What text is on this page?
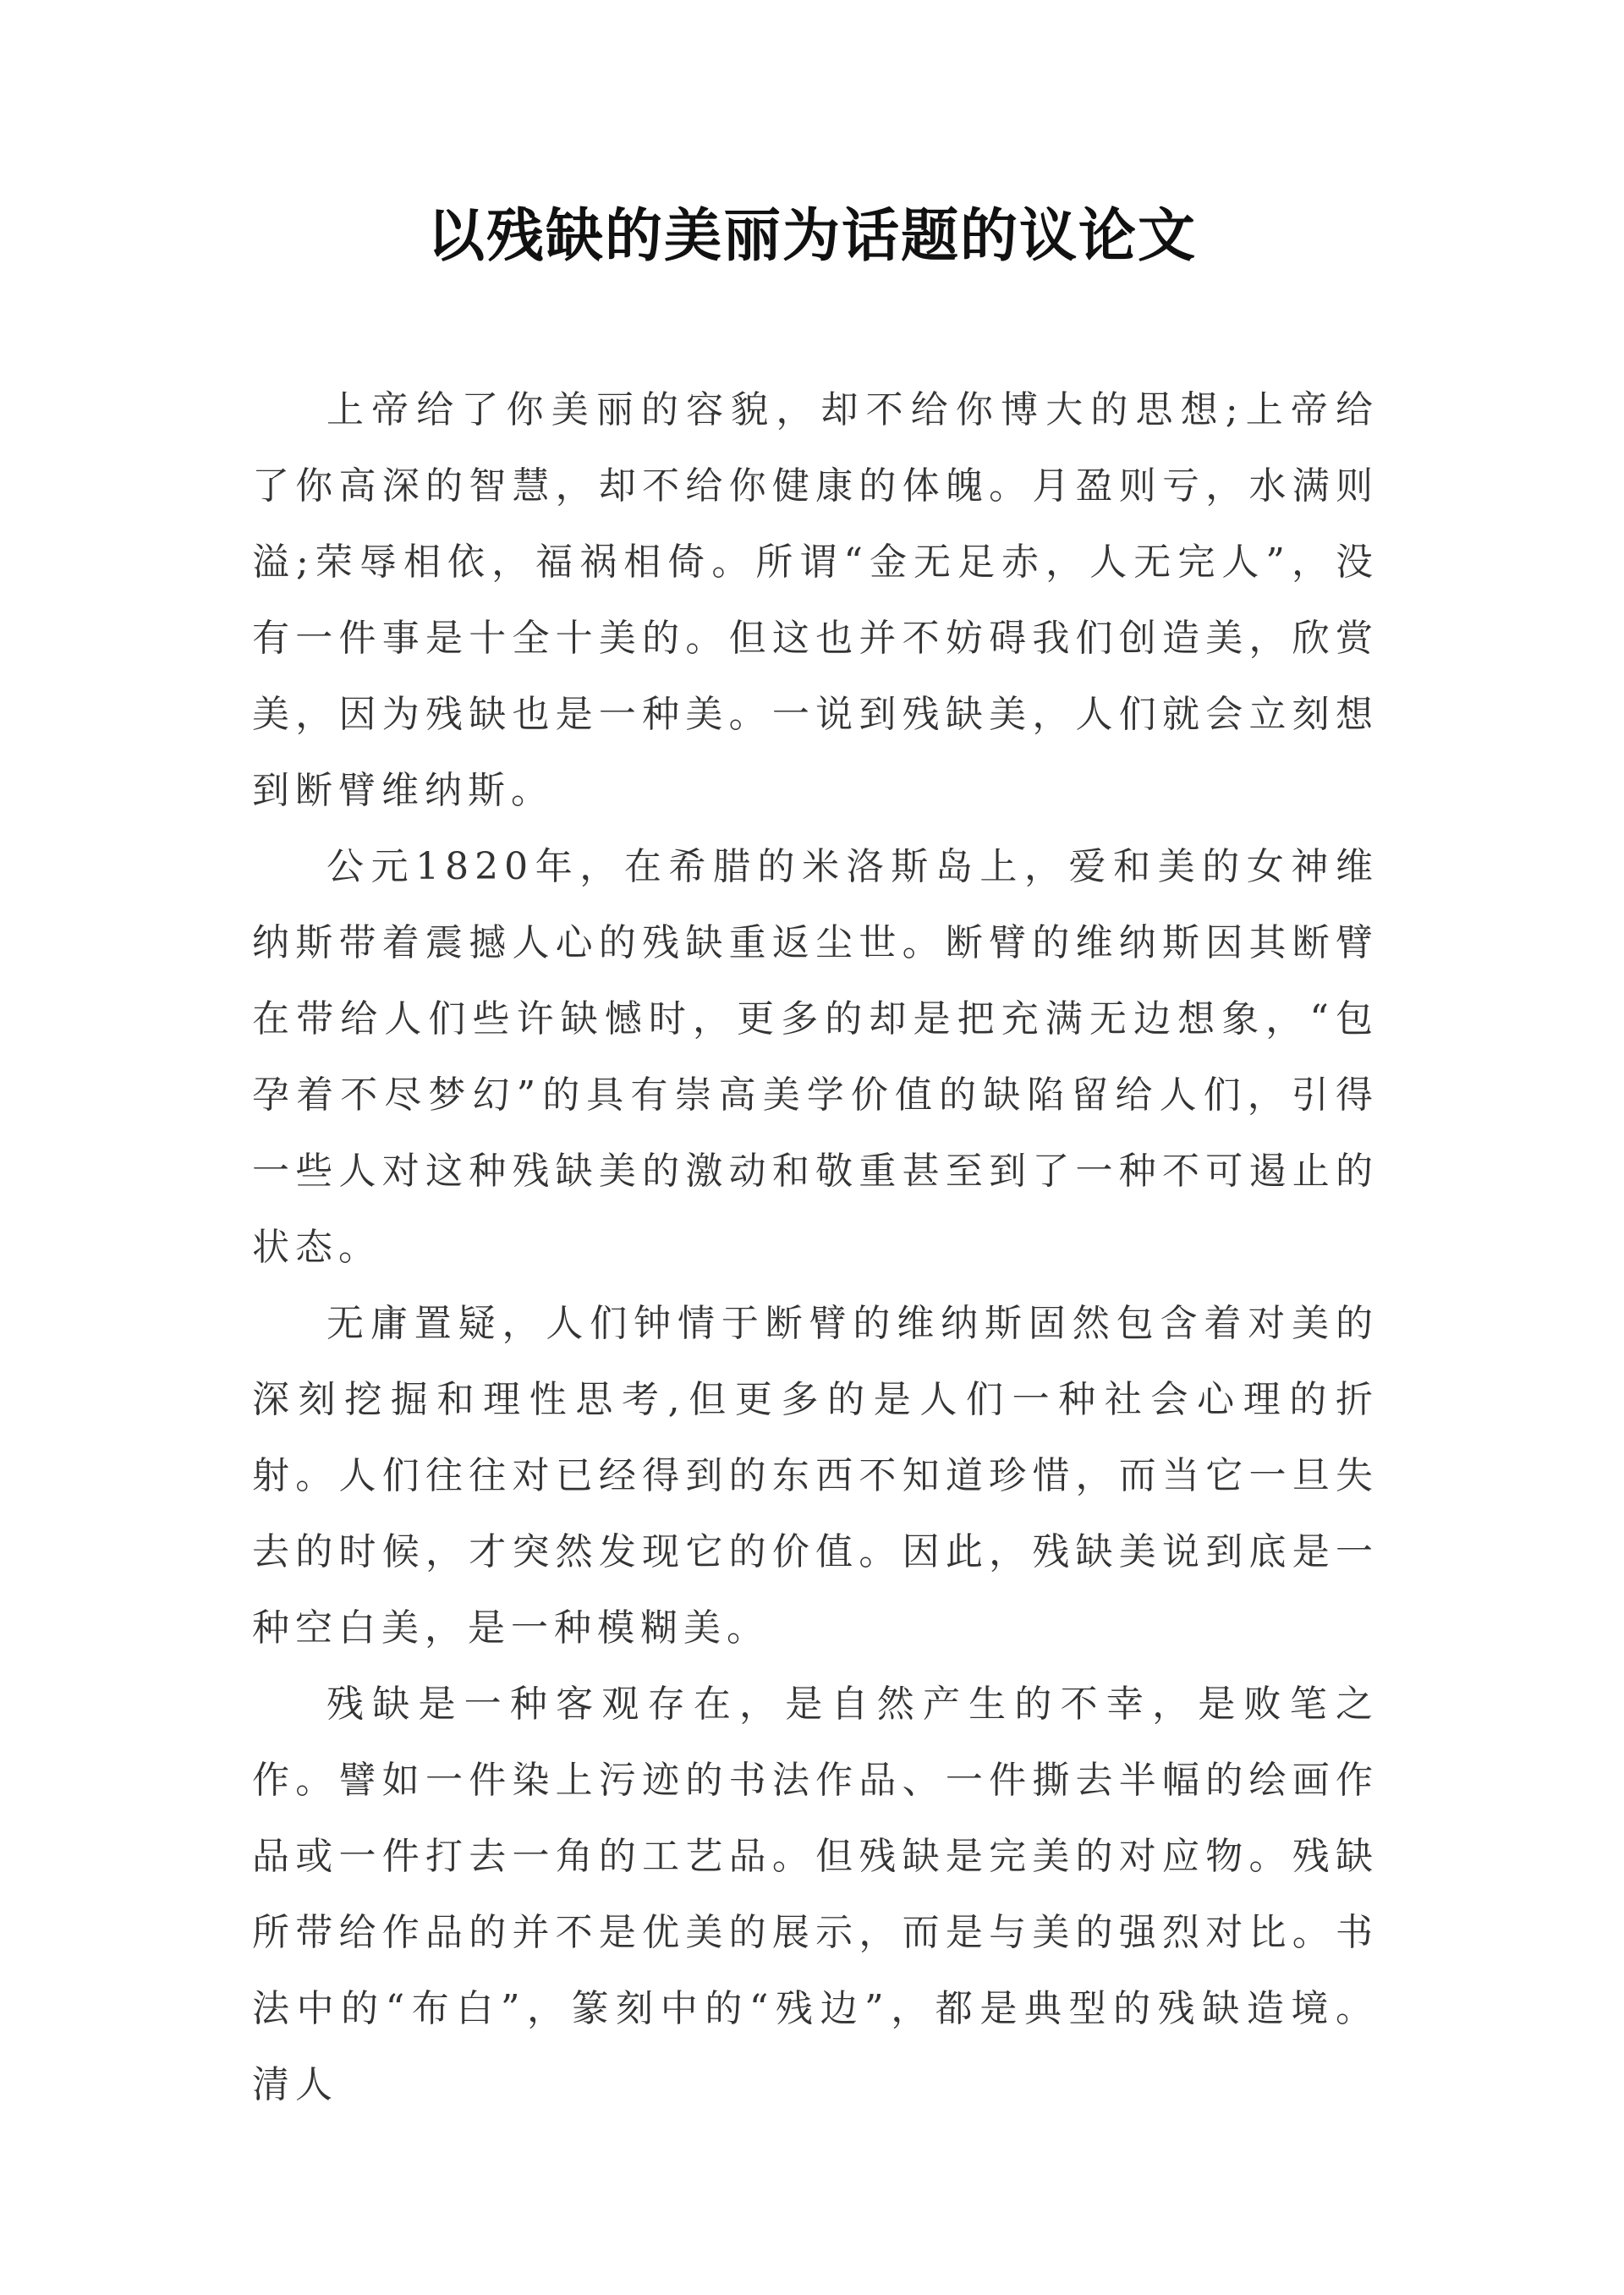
以残缺的美丽为话题的议论文

上帝给了你美丽的容貌，却不给你博大的思想;上帝给了你高深的智慧，却不给你健康的体魄。月盈则亏，水满则溢;荣辱相依，福祸相倚。所谓“金无足赤，人无完人”，没有一件事是十全十美的。但这也并不妨碍我们创造美，欣赏美，因为残缺也是一种美。一说到残缺美，人们就会立刻想到断臂维纳斯。

公元1820年，在希腊的米洛斯岛上，爱和美的女神维纳斯带着震撼人心的残缺重返尘世。断臂的维纳斯因其断臂在带给人们些许缺憾时，更多的却是把充满无边想象，“包孕着不尽梦幻”的具有崇高美学价值的缺陷留给人们，引得一些人对这种残缺美的激动和敬重甚至到了一种不可遏止的状态。

无庸置疑，人们钟情于断臂的维纳斯固然包含着对美的深刻挖掘和理性思考,但更多的是人们一种社会心理的折射。人们往往对已经得到的东西不知道珍惜，而当它一旦失去的时候，才突然发现它的价值。因此，残缺美说到底是一种空白美，是一种模糊美。

残缺是一种客观存在，是自然产生的不幸，是败笔之作。譬如一件染上污迹的书法作品、一件撕去半幅的绘画作品或一件打去一角的工艺品。但残缺是完美的对应物。残缺所带给作品的并不是优美的展示，而是与美的强烈对比。书法中的“布白”，篆刻中的“残边”，都是典型的残缺造境。清人
